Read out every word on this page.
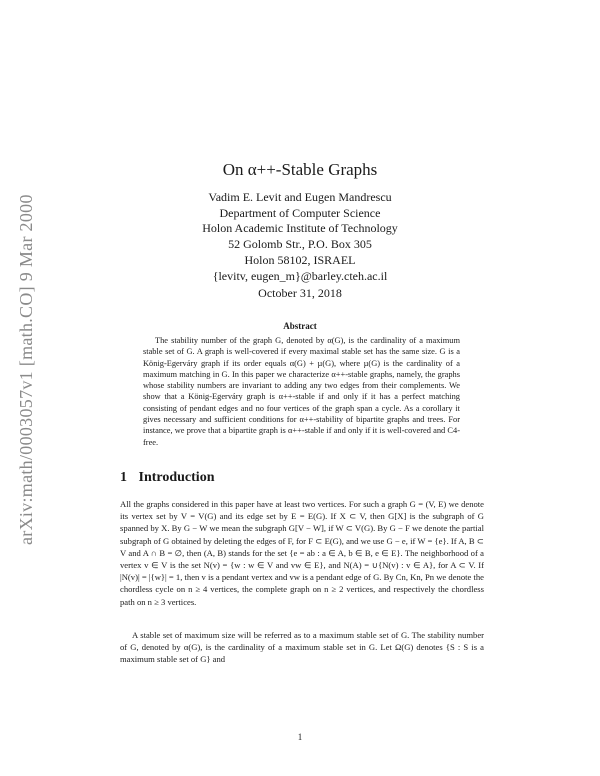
arXiv:math/0003057v1 [math.CO] 9 Mar 2000
On α++-Stable Graphs
Vadim E. Levit and Eugen Mandrescu
Department of Computer Science
Holon Academic Institute of Technology
52 Golomb Str., P.O. Box 305
Holon 58102, ISRAEL
{levitv, eugen_m}@barley.cteh.ac.il
October 31, 2018
Abstract

The stability number of the graph G, denoted by α(G), is the cardinality of a maximum stable set of G. A graph is well-covered if every maximal stable set has the same size. G is a König-Egerváry graph if its order equals α(G) + µ(G), where µ(G) is the cardinality of a maximum matching in G. In this paper we characterize α++-stable graphs, namely, the graphs whose stability numbers are invariant to adding any two edges from their complements. We show that a König-Egerváry graph is α++-stable if and only if it has a perfect matching consisting of pendant edges and no four vertices of the graph span a cycle. As a corollary it gives necessary and sufficient conditions for α++-stability of bipartite graphs and trees. For instance, we prove that a bipartite graph is α++-stable if and only if it is well-covered and C4-free.

1 Introduction

All the graphs considered in this paper have at least two vertices. For such a graph G = (V, E) we denote its vertex set by V = V(G) and its edge set by E = E(G). If X ⊂ V, then G[X] is the subgraph of G spanned by X. By G − W we mean the subgraph G[V − W], if W ⊂ V(G). By G − F we denote the partial subgraph of G obtained by deleting the edges of F, for F ⊂ E(G), and we use G − e, if W = {e}. If A, B ⊂ V and A ∩ B = ∅, then (A, B) stands for the set {e = ab : a ∈ A, b ∈ B, e ∈ E}. The neighborhood of a vertex v ∈ V is the set N(v) = {w : w ∈ V and vw ∈ E}, and N(A) = ∪{N(v) : v ∈ A}, for A ⊂ V. If |N(v)| = |{w}| = 1, then v is a pendant vertex and vw is a pendant edge of G. By Cn, Kn, Pn we denote the chordless cycle on n ≥ 4 vertices, the complete graph on n ≥ 2 vertices, and respectively the chordless path on n ≥ 3 vertices.

A stable set of maximum size will be referred as to a maximum stable set of G. The stability number of G, denoted by α(G), is the cardinality of a maximum stable set in G. Let Ω(G) denotes {S : S is a maximum stable set of G} and

1
